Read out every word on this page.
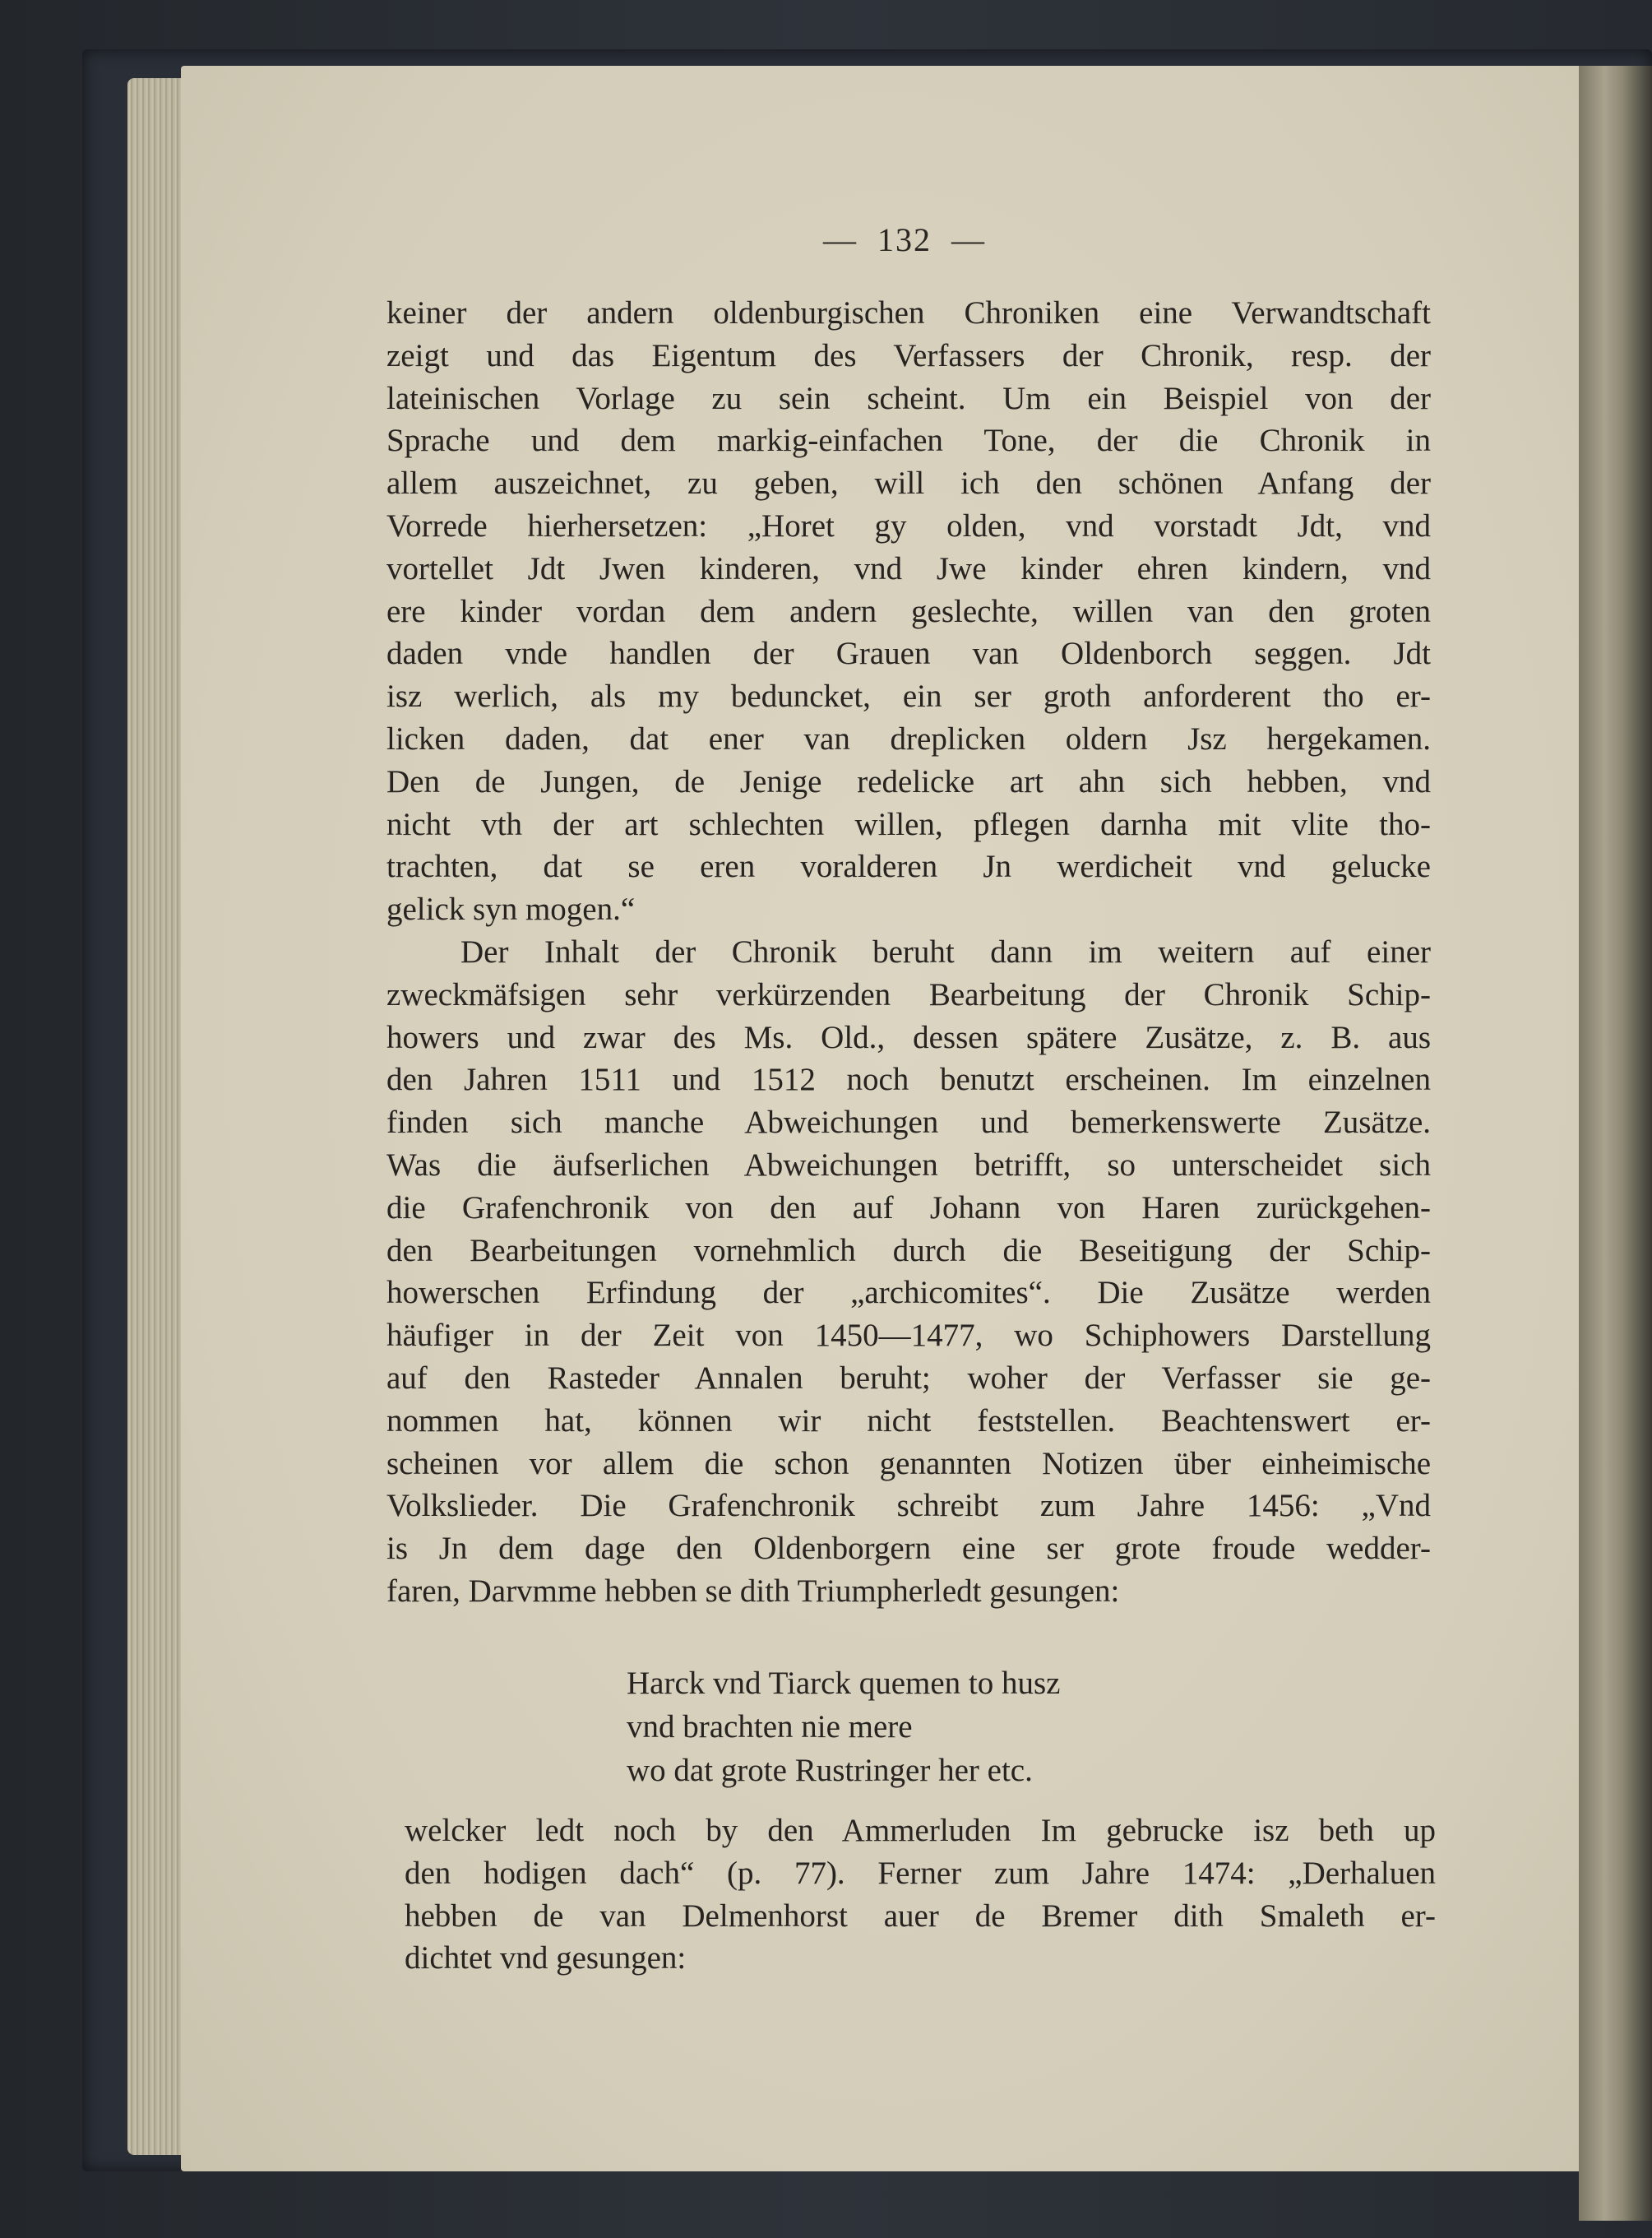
—  132  —
keiner der andern oldenburgischen Chroniken eine Verwandtschaft
zeigt und das Eigentum des Verfassers der Chronik, resp. der
lateinischen Vorlage zu sein scheint. Um ein Beispiel von der
Sprache und dem markig-einfachen Tone, der die Chronik in
allem auszeichnet, zu geben, will ich den schönen Anfang der
Vorrede hierhersetzen: „Horet gy olden, vnd vorstadt Jdt, vnd
vortellet Jdt Jwen kinderen, vnd Jwe kinder ehren kindern, vnd
ere kinder vordan dem andern geslechte, willen van den groten
daden vnde handlen der Grauen van Oldenborch seggen. Jdt
isz werlich, als my beduncket, ein ser groth anforderent tho er-
licken daden, dat ener van dreplicken oldern Jsz hergekamen.
Den de Jungen, de Jenige redelicke art ahn sich hebben, vnd
nicht vth der art schlechten willen, pflegen darnha mit vlite tho-
trachten, dat se eren voralderen Jn werdicheit vnd gelucke
gelick syn mogen.“
Der Inhalt der Chronik beruht dann im weitern auf einer
zweckmäfsigen sehr verkürzenden Bearbeitung der Chronik Schip-
howers und zwar des Ms. Old., dessen spätere Zusätze, z. B. aus
den Jahren 1511 und 1512 noch benutzt erscheinen. Im einzelnen
finden sich manche Abweichungen und bemerkenswerte Zusätze.
Was die äufserlichen Abweichungen betrifft, so unterscheidet sich
die Grafenchronik von den auf Johann von Haren zurückgehen-
den Bearbeitungen vornehmlich durch die Beseitigung der Schip-
howerschen Erfindung der „archicomites“. Die Zusätze werden
häufiger in der Zeit von 1450—1477, wo Schiphowers Darstellung
auf den Rasteder Annalen beruht; woher der Verfasser sie ge-
nommen hat, können wir nicht feststellen. Beachtenswert er-
scheinen vor allem die schon genannten Notizen über einheimische
Volkslieder. Die Grafenchronik schreibt zum Jahre 1456: „Vnd
is Jn dem dage den Oldenborgern eine ser grote froude wedder-
faren, Darvmme hebben se dith Triumpherledt gesungen:
Harck vnd Tiarck quemen to husz
vnd brachten nie mere
wo dat grote Rustringer her etc.
welcker ledt noch by den Ammerluden Im gebrucke isz beth up
den hodigen dach“ (p. 77). Ferner zum Jahre 1474: „Derhaluen
hebben de van Delmenhorst auer de Bremer dith Smaleth er-
dichtet vnd gesungen:
